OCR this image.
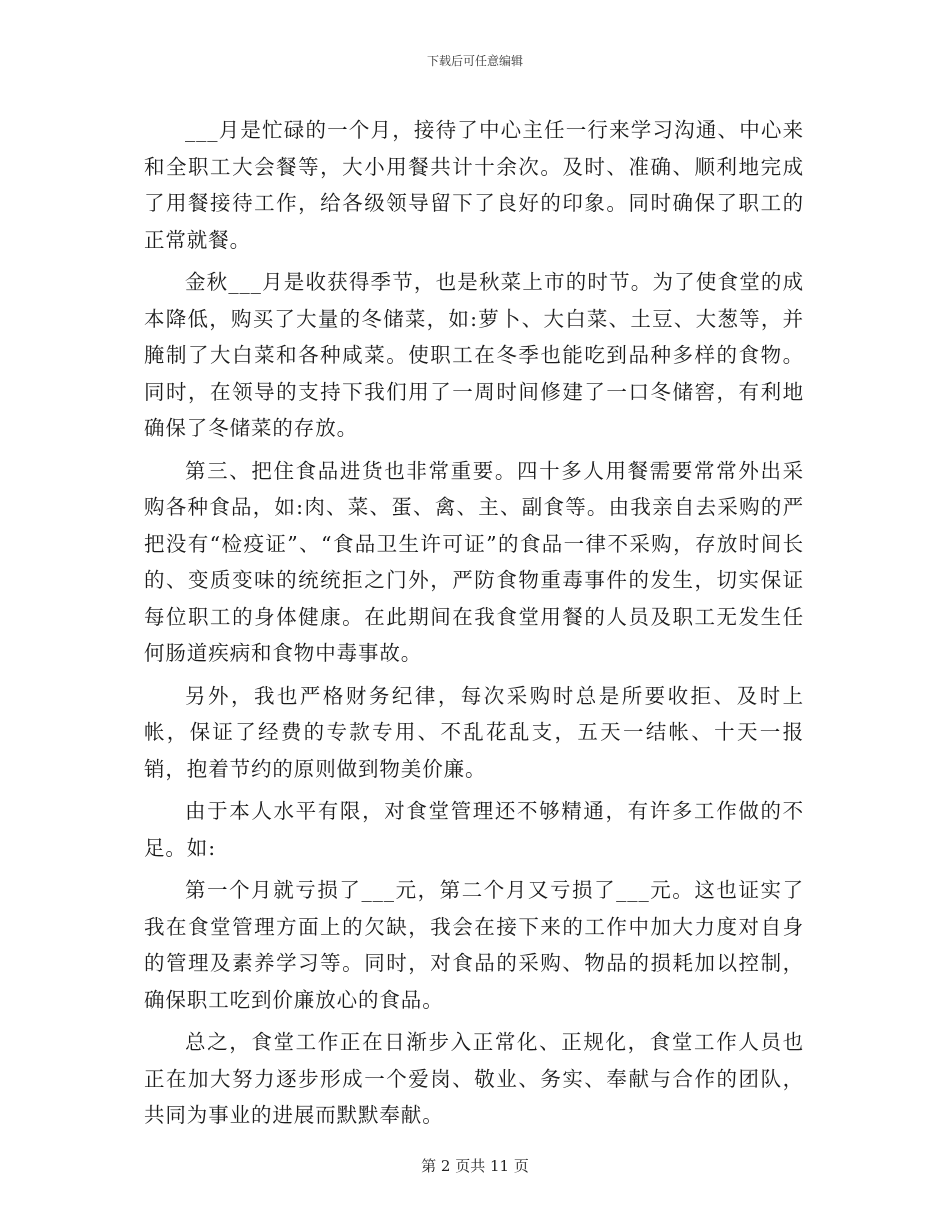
下载后可任意编辑

___月是忙碌的一个月，接待了中心主任一行来学习沟通、中心来和全职工大会餐等，大小用餐共计十余次。及时、准确、顺利地完成了用餐接待工作，给各级领导留下了良好的印象。同时确保了职工的正常就餐。

金秋___月是收获得季节，也是秋菜上市的时节。为了使食堂的成本降低，购买了大量的冬储菜，如:萝卜、大白菜、土豆、大葱等，并腌制了大白菜和各种咸菜。使职工在冬季也能吃到品种多样的食物。同时，在领导的支持下我们用了一周时间修建了一口冬储窖，有利地确保了冬储菜的存放。

第三、把住食品进货也非常重要。四十多人用餐需要常常外出采购各种食品，如:肉、菜、蛋、禽、主、副食等。由我亲自去采购的严把没有“检疫证”、“食品卫生许可证”的食品一律不采购，存放时间长的、变质变味的统统拒之门外，严防食物重毒事件的发生，切实保证每位职工的身体健康。在此期间在我食堂用餐的人员及职工无发生任何肠道疾病和食物中毒事故。

另外，我也严格财务纪律，每次采购时总是所要收拒、及时上帐，保证了经费的专款专用、不乱花乱支，五天一结帐、十天一报销，抱着节约的原则做到物美价廉。

由于本人水平有限，对食堂管理还不够精通，有许多工作做的不足。如:

第一个月就亏损了___元，第二个月又亏损了___元。这也证实了我在食堂管理方面上的欠缺，我会在接下来的工作中加大力度对自身的管理及素养学习等。同时，对食品的采购、物品的损耗加以控制，确保职工吃到价廉放心的食品。

总之，食堂工作正在日渐步入正常化、正规化，食堂工作人员也正在加大努力逐步形成一个爱岗、敬业、务实、奉献与合作的团队，共同为事业的进展而默默奉献。

第 2 页共 11 页
